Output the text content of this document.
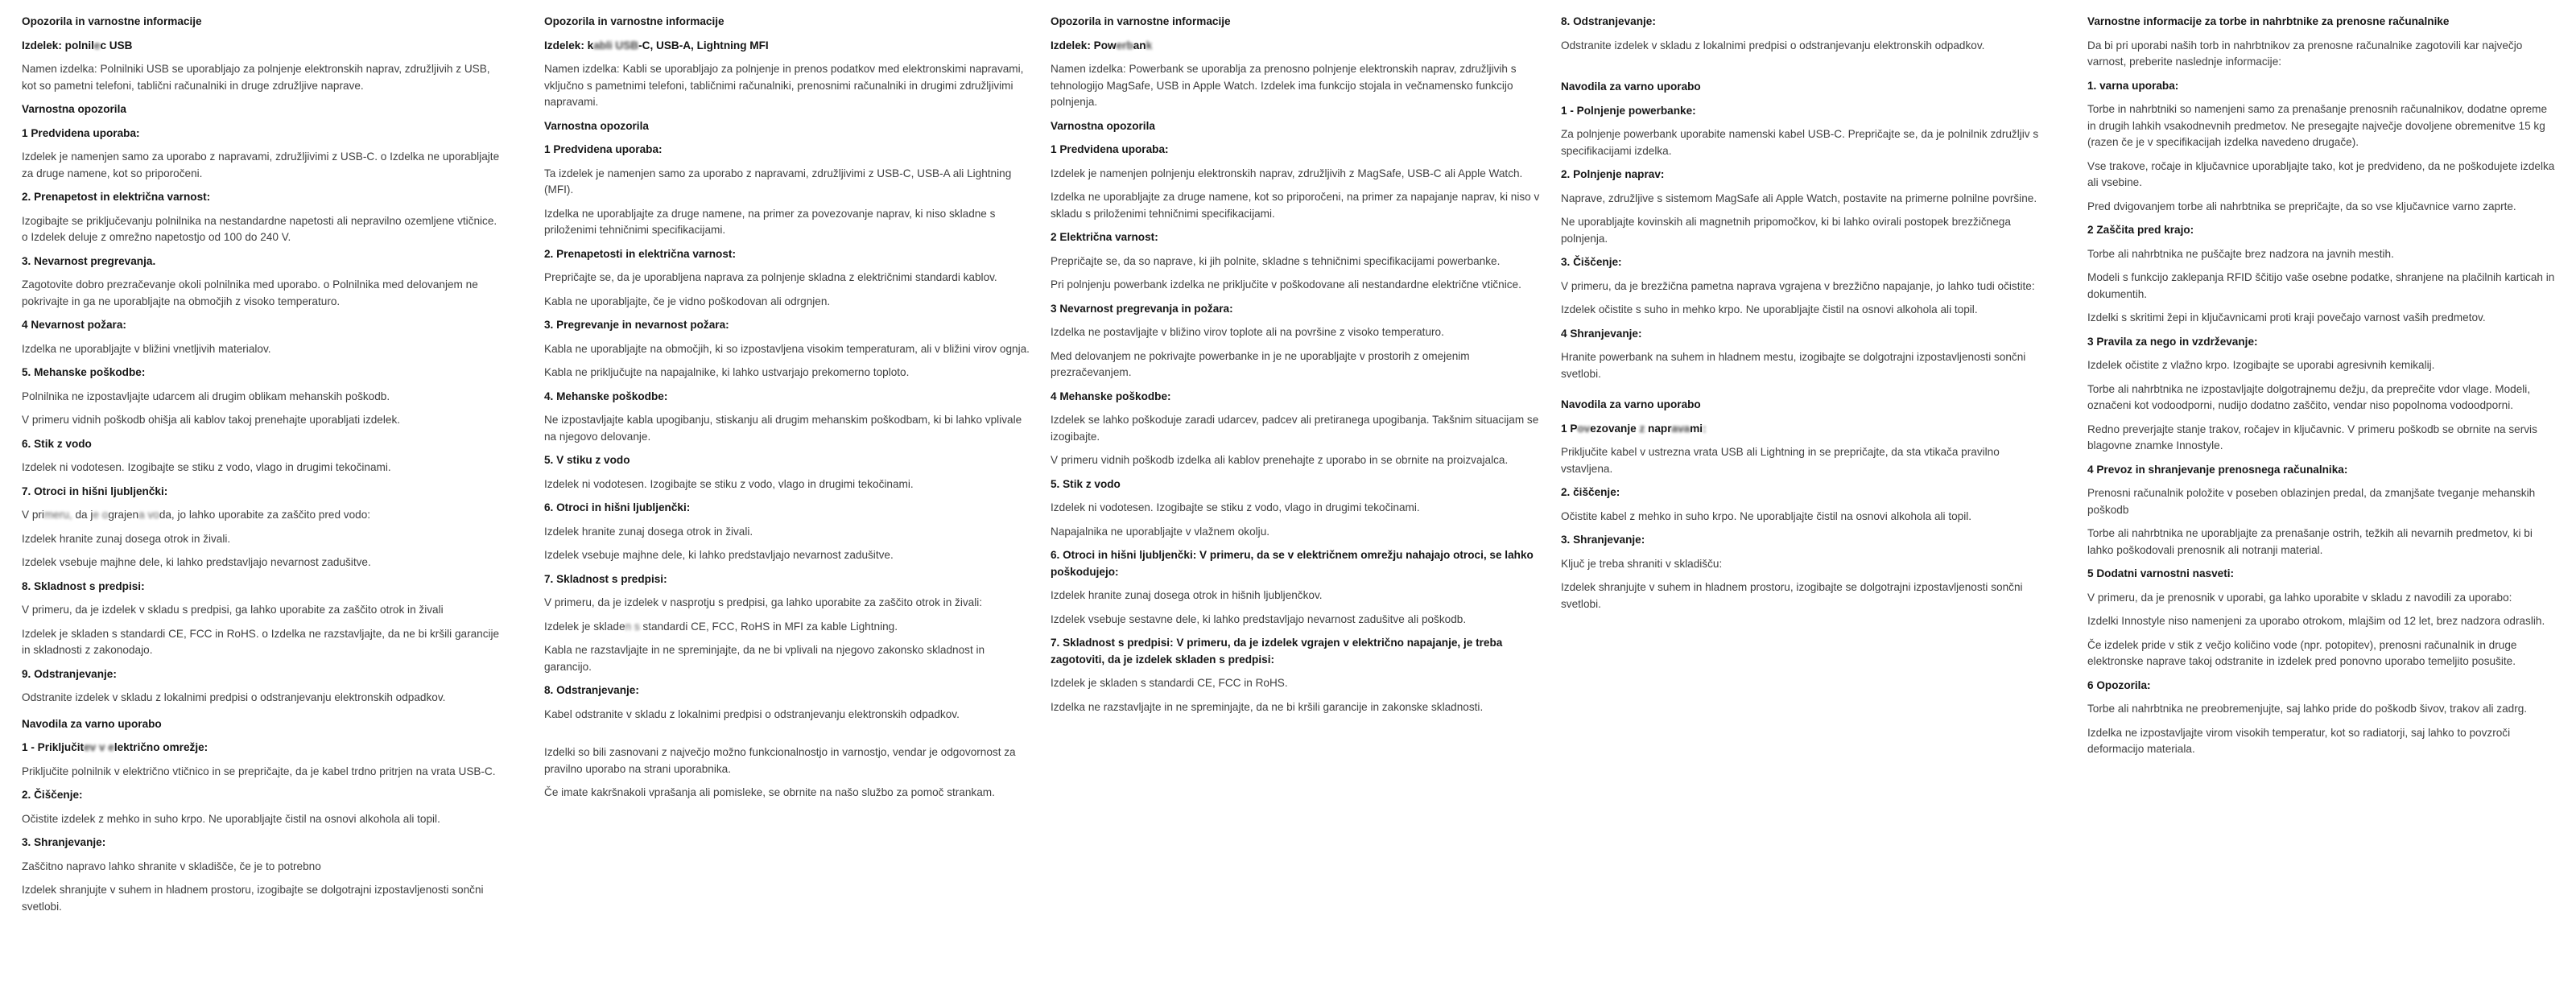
Opozorila in varnostne informacije
Izdelek: polnilec USB
Namen izdelka: Polnilniki USB se uporabljajo za polnjenje elektronskih naprav, združljivih z USB, kot so pametni telefoni, tablični računalniki in druge združljive naprave.
Varnostna opozorila
1 Predvidena uporaba:
Izdelek je namenjen samo za uporabo z napravami, združljivimi z USB-C. o Izdelka ne uporabljajte za druge namene, kot so priporočeni.
2. Prenapetost in električna varnost:
Izogibajte se priključevanju polnilnika na nestandardne napetosti ali nepravilno ozemljene vtičnice. o Izdelek deluje z omrežno napetostjo od 100 do 240 V.
3. Nevarnost pregrevanja.
Zagotovite dobro prezračevanje okoli polnilnika med uporabo. o Polnilnika med delovanjem ne pokrivajte in ga ne uporabljajte na območjih z visoko temperaturo.
4 Nevarnost požara:
Izdelka ne uporabljajte v bližini vnetljivih materialov.
5. Mehanske poškodbe:
Polnilnika ne izpostavljajte udarcem ali drugim oblikam mehanskih poškodb.
V primeru vidnih poškodb ohišja ali kablov takoj prenehajte uporabljati izdelek.
6. Stik z vodo
Izdelek ni vodotesen. Izogibajte se stiku z vodo, vlago in drugimi tekočinami.
7. Otroci in hišni ljubljenčki:
V primeru, da je ograjena voda, jo lahko uporabite za zaščito pred vodo:
Izdelek hranite zunaj dosega otrok in živali.
Izdelek vsebuje majhne dele, ki lahko predstavljajo nevarnost zadušitve.
8. Skladnost s predpisi:
V primeru, da je izdelek v skladu s predpisi, ga lahko uporabite za zaščito otrok in živali
Izdelek je skladen s standardi CE, FCC in RoHS. o Izdelka ne razstavljajte, da ne bi kršili garancije in skladnosti z zakonodajo.
9. Odstranjevanje:
Odstranite izdelek v skladu z lokalnimi predpisi o odstranjevanju elektronskih odpadkov.
Navodila za varno uporabo
1 - Priključitev v električno omrežje:
Priključite polnilnik v električno vtičnico in se prepričajte, da je kabel trdno pritrjen na vrata USB-C.
2. Čiščenje:
Očistite izdelek z mehko in suho krpo. Ne uporabljajte čistil na osnovi alkohola ali topil.
3. Shranjevanje:
Zaščitno napravo lahko shranite v skladišče, če je to potrebno
Izdelek shranjujte v suhem in hladnem prostoru, izogibajte se dolgotrajni izpostavljenosti sončni svetlobi.
Opozorila in varnostne informacije
Izdelek: kabli USB-C, USB-A, Lightning MFI
Namen izdelka: Kabli se uporabljajo za polnjenje in prenos podatkov med elektronskimi napravami, vključno s pametnimi telefoni, tabličnimi računalniki, prenosnimi računalniki in drugimi združljivimi napravami.
Varnostna opozorila
1 Predvidena uporaba:
Ta izdelek je namenjen samo za uporabo z napravami, združljivimi z USB-C, USB-A ali Lightning (MFI).
Izdelka ne uporabljajte za druge namene, na primer za povezovanje naprav, ki niso skladne s priloženimi tehničnimi specifikacijami.
2. Prenapetosti in električna varnost:
Prepričajte se, da je uporabljena naprava za polnjenje skladna z električnimi standardi kablov.
Kabla ne uporabljajte, če je vidno poškodovan ali odrgnjen.
3. Pregrevanje in nevarnost požara:
Kabla ne uporabljajte na območjih, ki so izpostavljena visokim temperaturam, ali v bližini virov ognja.
Kabla ne priključujte na napajalnike, ki lahko ustvarjajo prekomerno toploto.
4. Mehanske poškodbe:
Ne izpostavljajte kabla upogibanju, stiskanju ali drugim mehanskim poškodbam, ki bi lahko vplivale na njegovo delovanje.
5. V stiku z vodo
Izdelek ni vodotesen. Izogibajte se stiku z vodo, vlago in drugimi tekočinami.
6. Otroci in hišni ljubljenčki:
Izdelek hranite zunaj dosega otrok in živali.
Izdelek vsebuje majhne dele, ki lahko predstavljajo nevarnost zadušitve.
7. Skladnost s predpisi:
V primeru, da je izdelek v nasprotju s predpisi, ga lahko uporabite za zaščito otrok in živali:
Izdelek je skladen s standardi CE, FCC, RoHS in MFI za kable Lightning.
Kabla ne razstavljajte in ne spreminjajte, da ne bi vplivali na njegovo zakonsko skladnost in garancijo.
8. Odstranjevanje:
Kabel odstranite v skladu z lokalnimi predpisi o odstranjevanju elektronskih odpadkov.
Izdelki so bili zasnovani z največjo možno funkcionalnostjo in varnostjo, vendar je odgovornost za pravilno uporabo na strani uporabnika.
Če imate kakršnakoli vprašanja ali pomisleke, se obrnite na našo službo za pomoč strankam.
Opozorila in varnostne informacije
Izdelek: Powerbank
Namen izdelka: Powerbank se uporablja za prenosno polnjenje elektronskih naprav, združljivih s tehnologijo MagSafe, USB in Apple Watch. Izdelek ima funkcijo stojala in večnamensko funkcijo polnjenja.
Varnostna opozorila
1 Predvidena uporaba:
Izdelek je namenjen polnjenju elektronskih naprav, združljivih z MagSafe, USB-C ali Apple Watch.
Izdelka ne uporabljajte za druge namene, kot so priporočeni, na primer za napajanje naprav, ki niso v skladu s priloženimi tehničnimi specifikacijami.
2 Električna varnost:
Prepričajte se, da so naprave, ki jih polnite, skladne s tehničnimi specifikacijami powerbanke.
Pri polnjenju powerbank izdelka ne priključite v poškodovane ali nestandardne električne vtičnice.
3 Nevarnost pregrevanja in požara:
Izdelka ne postavljajte v bližino virov toplote ali na površine z visoko temperaturo.
Med delovanjem ne pokrivajte powerbanke in je ne uporabljajte v prostorih z omejenim prezračevanjem.
4 Mehanske poškodbe:
Izdelek se lahko poškoduje zaradi udarcev, padcev ali pretiranega upogibanja. Takšnim situacijam se izogibajte.
V primeru vidnih poškodb izdelka ali kablov prenehajte z uporabo in se obrnite na proizvajalca.
5. Stik z vodo
Izdelek ni vodotesen. Izogibajte se stiku z vodo, vlago in drugimi tekočinami.
Napajalnika ne uporabljajte v vlažnem okolju.
6. Otroci in hišni ljubljenčki: V primeru, da se v električnem omrežju nahajajo otroci, se lahko poškodujejo:
Izdelek hranite zunaj dosega otrok in hišnih ljubljenčkov.
Izdelek vsebuje sestavne dele, ki lahko predstavljajo nevarnost zadušitve ali poškodb.
7. Skladnost s predpisi: V primeru, da je izdelek vgrajen v električno napajanje, je treba zagotoviti, da je izdelek skladen s predpisi:
Izdelek je skladen s standardi CE, FCC in RoHS.
Izdelka ne razstavljajte in ne spreminjajte, da ne bi kršili garancije in zakonske skladnosti.
8. Odstranjevanje:
Odstranite izdelek v skladu z lokalnimi predpisi o odstranjevanju elektronskih odpadkov.
Navodila za varno uporabo
1 - Polnjenje powerbanke:
Za polnjenje powerbank uporabite namenski kabel USB-C. Prepričajte se, da je polnilnik združljiv s specifikacijami izdelka.
2. Polnjenje naprav:
Naprave, združljive s sistemom MagSafe ali Apple Watch, postavite na primerne polnilne površine.
Ne uporabljajte kovinskih ali magnetnih pripomočkov, ki bi lahko ovirali postopek brezžičnega polnjenja.
3. Čiščenje:
V primeru, da je brezžična pametna naprava vgrajena v brezžično napajanje, jo lahko tudi očistite:
Izdelek očistite s suho in mehko krpo. Ne uporabljajte čistil na osnovi alkohola ali topil.
4 Shranjevanje:
Hranite powerbank na suhem in hladnem mestu, izogibajte se dolgotrajni izpostavljenosti sončni svetlobi.
Navodila za varno uporabo
1 Povezovanje z napravami:
Priključite kabel v ustrezna vrata USB ali Lightning in se prepričajte, da sta vtikača pravilno vstavljena.
2. čiščenje:
Očistite kabel z mehko in suho krpo. Ne uporabljajte čistil na osnovi alkohola ali topil.
3. Shranjevanje:
Ključ je treba shraniti v skladišču:
Izdelek shranjujte v suhem in hladnem prostoru, izogibajte se dolgotrajni izpostavljenosti sončni svetlobi.
Varnostne informacije za torbe in nahrbtnike za prenosne računalnike
Da bi pri uporabi naših torb in nahrbtnikov za prenosne računalnike zagotovili kar največjo varnost, preberite naslednje informacije:
1. varna uporaba:
Torbe in nahrbtniki so namenjeni samo za prenašanje prenosnih računalnikov, dodatne opreme in drugih lahkih vsakodnevnih predmetov. Ne presegajte največje dovoljene obremenitve 15 kg (razen če je v specifikacijah izdelka navedeno drugače).
Vse trakove, ročaje in ključavnice uporabljajte tako, kot je predvideno, da ne poškodujete izdelka ali vsebine.
Pred dvigovanjem torbe ali nahrbtnika se prepričajte, da so vse ključavnice varno zaprte.
2 Zaščita pred krajo:
Torbe ali nahrbtnika ne puščajte brez nadzora na javnih mestih.
Modeli s funkcijo zaklepanja RFID ščitijo vaše osebne podatke, shranjene na plačilnih karticah in dokumentih.
Izdelki s skritimi žepi in ključavnicami proti kraji povečajo varnost vaših predmetov.
3 Pravila za nego in vzdrževanje:
Izdelek očistite z vlažno krpo. Izogibajte se uporabi agresivnih kemikalij.
Torbe ali nahrbtnika ne izpostavljajte dolgotrajnemu dežju, da preprečite vdor vlage. Modeli, označeni kot vodoodporni, nudijo dodatno zaščito, vendar niso popolnoma vodoodporni.
Redno preverjajte stanje trakov, ročajev in ključavnic. V primeru poškodb se obrnite na servis blagovne znamke Innostyle.
4 Prevoz in shranjevanje prenosnega računalnika:
Prenosni računalnik položite v poseben oblazinjen predal, da zmanjšate tveganje mehanskih poškodb
Torbe ali nahrbtnika ne uporabljajte za prenašanje ostrih, težkih ali nevarnih predmetov, ki bi lahko poškodovali prenosnik ali notranji material.
5 Dodatni varnostni nasveti:
V primeru, da je prenosnik v uporabi, ga lahko uporabite v skladu z navodili za uporabo:
Izdelki Innostyle niso namenjeni za uporabo otrokom, mlajšim od 12 let, brez nadzora odraslih.
Če izdelek pride v stik z večjo količino vode (npr. potopitev), prenosni računalnik in druge elektronske naprave takoj odstranite in izdelek pred ponovno uporabo temeljito posušite.
6 Opozorila:
Torbe ali nahrbtnika ne preobremenjujte, saj lahko pride do poškodb šivov, trakov ali zadrg.
Izdelka ne izpostavljajte virom visokih temperatur, kot so radiatorji, saj lahko to povzroči deformacijo materiala.
